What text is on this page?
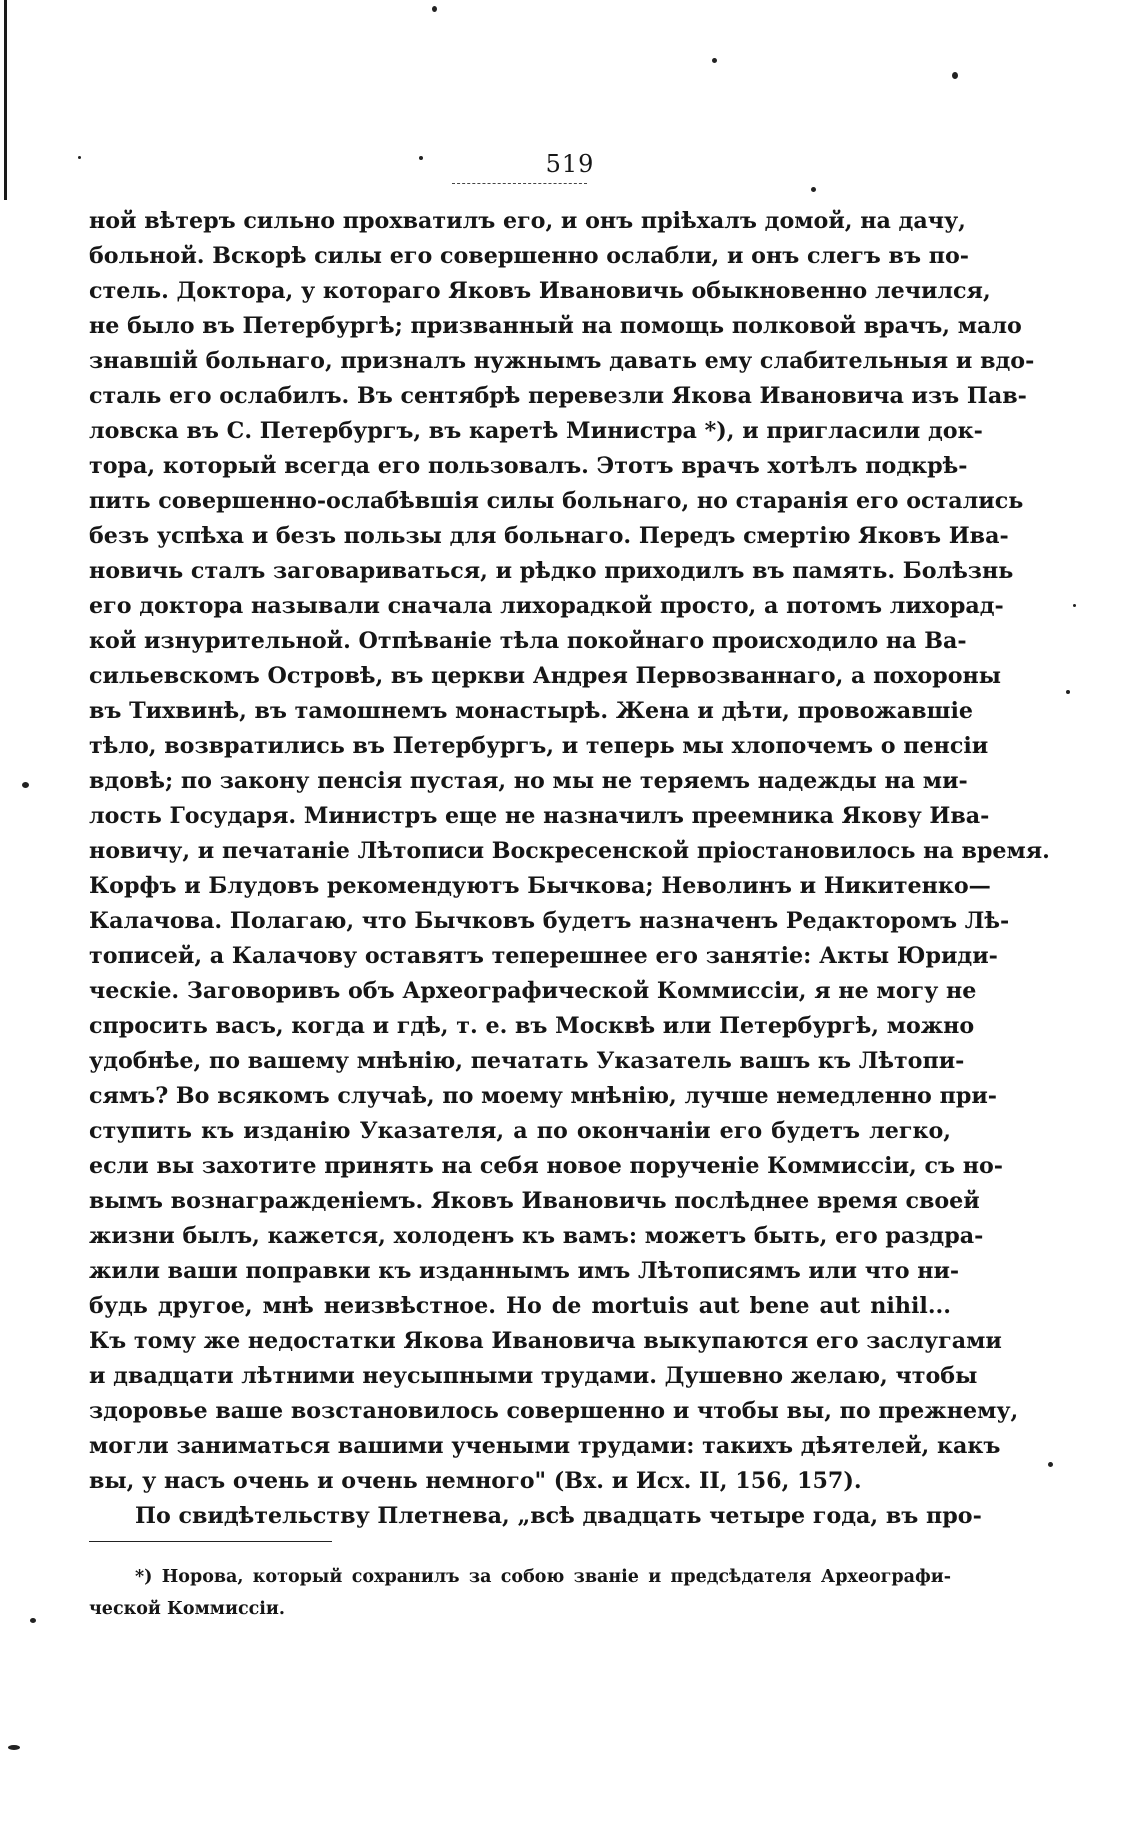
519
ной вѣтеръ сильно прохватилъ его, и онъ пріѣхалъ домой, на дачу,
больной. Вскорѣ силы его совершенно ослабли, и онъ слегъ въ по-
стель. Доктора, у котораго Яковъ Ивановичь обыкновенно лечился,
не было въ Петербургѣ; призванный на помощь полковой врачъ, мало
знавшій больнаго, призналъ нужнымъ давать ему слабительныя и вдо-
сталь его ослабилъ. Въ сентябрѣ перевезли Якова Ивановича изъ Пав-
ловска въ С. Петербургъ, въ каретѣ Министра *), и пригласили док-
тора, который всегда его пользовалъ. Этотъ врачъ хотѣлъ подкрѣ-
пить совершенно-ослабѣвшія силы больнаго, но старанія его остались
безъ успѣха и безъ пользы для больнаго. Передъ смертію Яковъ Ива-
новичь сталъ заговариваться, и рѣдко приходилъ въ память. Болѣзнь
его доктора называли сначала лихорадкой просто, а потомъ лихорад-
кой изнурительной. Отпѣваніе тѣла покойнаго происходило на Ва-
сильевскомъ Островѣ, въ церкви Андрея Первозваннаго, а похороны
въ Тихвинѣ, въ тамошнемъ монастырѣ. Жена и дѣти, провожавшіе
тѣло, возвратились въ Петербургъ, и теперь мы хлопочемъ о пенсіи
вдовѣ; по закону пенсія пустая, но мы не теряемъ надежды на ми-
лость Государя. Министръ еще не назначилъ преемника Якову Ива-
новичу, и печатаніе Лѣтописи Воскресенской пріостановилось на время.
Корфъ и Блудовъ рекомендуютъ Бычкова; Неволинъ и Никитенко—
Калачова. Полагаю, что Бычковъ будетъ назначенъ Редакторомъ Лѣ-
тописей, а Калачову оставятъ теперешнее его занятіе: Акты Юриди-
ческіе. Заговоривъ объ Археографической Коммиссіи, я не могу не
спросить васъ, когда и гдѣ, т. е. въ Москвѣ или Петербургѣ, можно
удобнѣе, по вашему мнѣнію, печатать Указатель вашъ къ Лѣтопи-
сямъ? Во всякомъ случаѣ, по моему мнѣнію, лучше немедленно при-
ступить къ изданію Указателя, а по окончаніи его будетъ легко,
если вы захотите принять на себя новое порученіе Коммиссіи, съ но-
вымъ вознагражденіемъ. Яковъ Ивановичь послѣднее время своей
жизни былъ, кажется, холоденъ къ вамъ: можетъ быть, его раздра-
жили ваши поправки къ изданнымъ имъ Лѣтописямъ или что ни-
будь другое, мнѣ неизвѣстное. Но de mortuis aut bene aut nihil...
Къ тому же недостатки Якова Ивановича выкупаются его заслугами
и двадцати лѣтними неусыпными трудами. Душевно желаю, чтобы
здоровье ваше возстановилось совершенно и чтобы вы, по прежнему,
могли заниматься вашими учеными трудами: такихъ дѣятелей, какъ
вы, у насъ очень и очень немного" (Вх. и Исх. II, 156, 157).
По свидѣтельству Плетнева, „всѣ двадцать четыре года, въ про-
*) Норова, который сохранилъ за собою званіе и предсѣдателя Археографи-
ческой Коммиссіи.
